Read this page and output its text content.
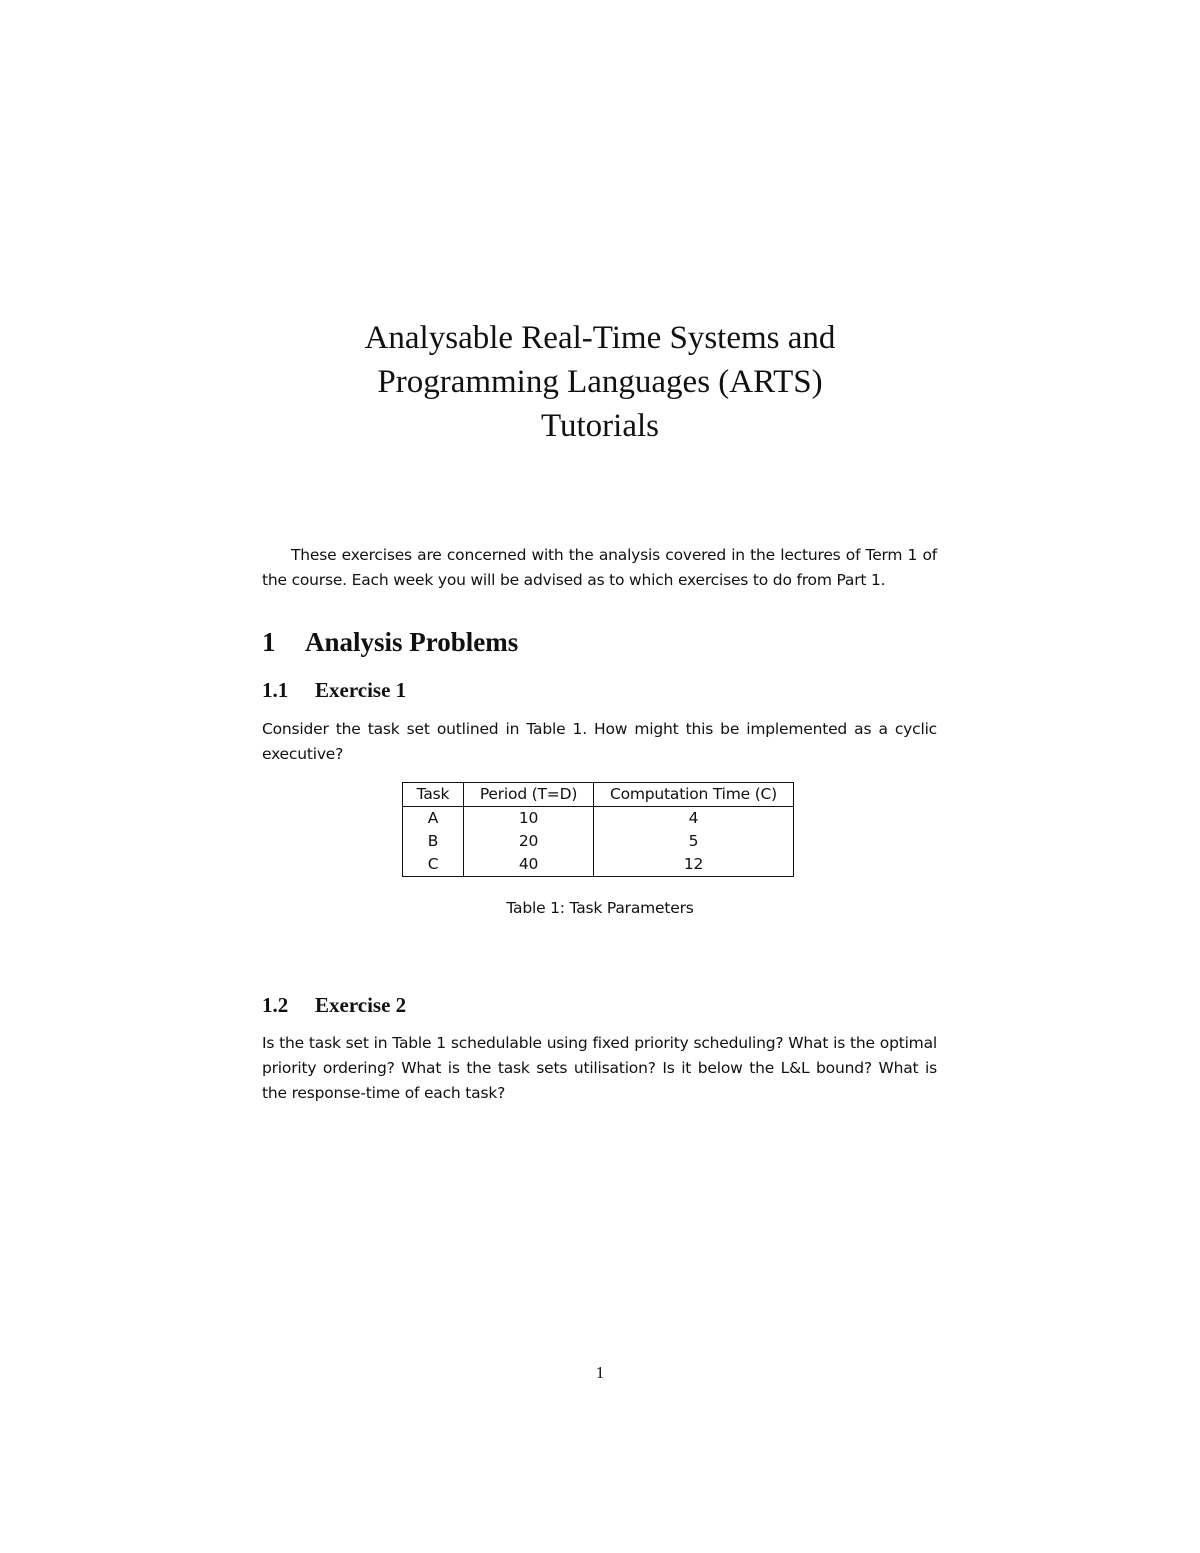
Analysable Real-Time Systems and
Programming Languages (ARTS)
Tutorials

These exercises are concerned with the analysis covered in the lectures of Term 1 of the course. Each week you will be advised as to which exercises to do from Part 1.

1 Analysis Problems
1.1 Exercise 1

Consider the task set outlined in Table 1. How might this be implemented as a cyclic executive?

Task	Period (T=D)	Computation Time (C)
A	10	4
B	20	5
C	40	12
Table 1: Task Parameters
1.2 Exercise 2

Is the task set in Table 1 schedulable using fixed priority scheduling? What is the optimal priority ordering? What is the task sets utilisation? Is it below the L&L bound? What is the response-time of each task?

1
